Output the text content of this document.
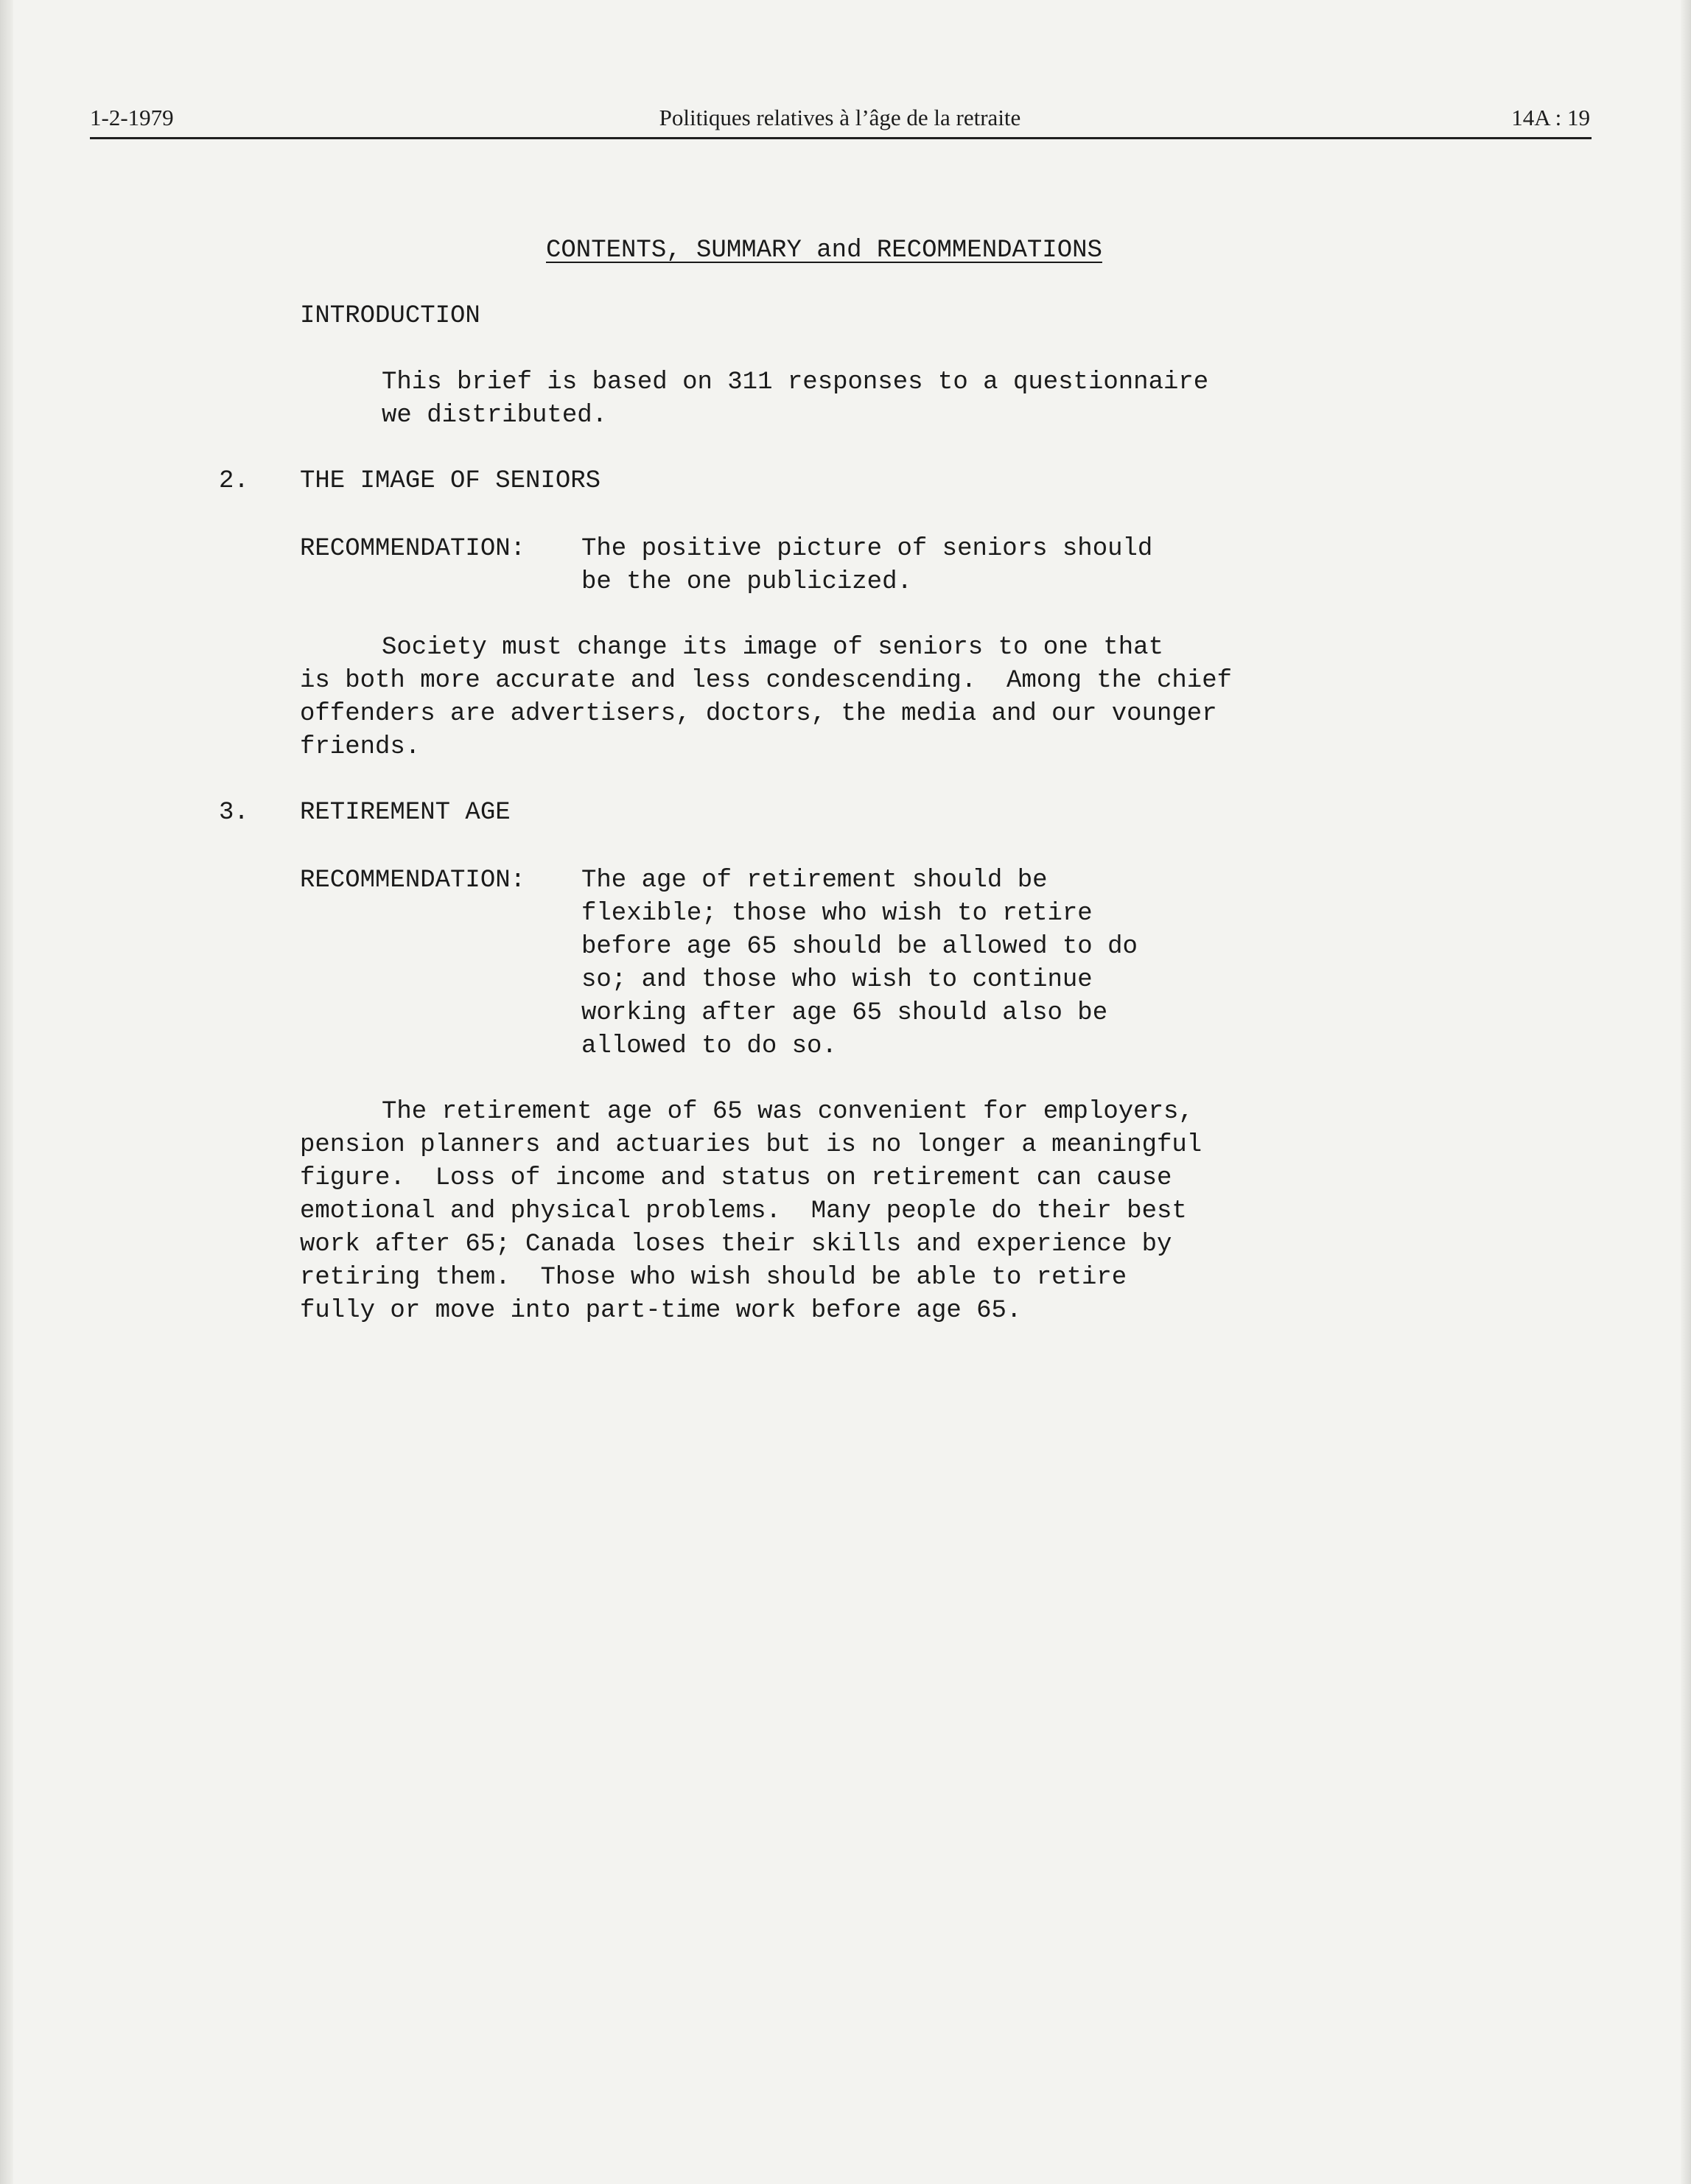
1-2-1979	Politiques relatives à l’âge de la retraite	14A : 19
CONTENTS, SUMMARY and RECOMMENDATIONS
INTRODUCTION
This brief is based on 311 responses to a questionnaire
we distributed.
2. THE IMAGE OF SENIORS
RECOMMENDATION: The positive picture of seniors should
be the one publicized.
Society must change its image of seniors to one that
is both more accurate and less condescending.  Among the chief
offenders are advertisers, doctors, the media and our vounger
friends.
3. RETIREMENT AGE
RECOMMENDATION: The age of retirement should be
flexible; those who wish to retire
before age 65 should be allowed to do
so; and those who wish to continue
working after age 65 should also be
allowed to do so.
The retirement age of 65 was convenient for employers,
pension planners and actuaries but is no longer a meaningful
figure.  Loss of income and status on retirement can cause
emotional and physical problems.  Many people do their best
work after 65; Canada loses their skills and experience by
retiring them.  Those who wish should be able to retire
fully or move into part-time work before age 65.
